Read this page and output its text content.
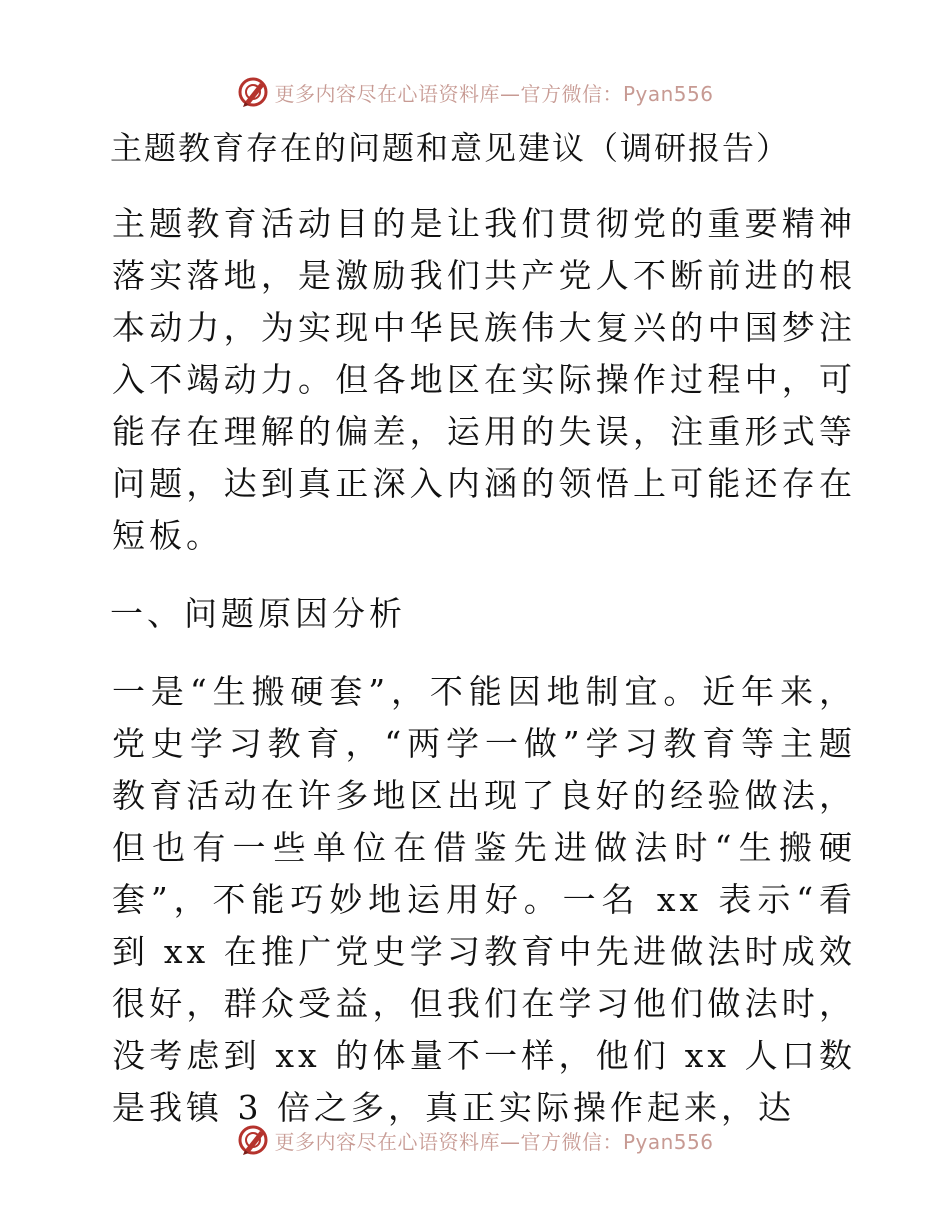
更多内容尽在心语资料库—官方微信：Pyan556
主题教育存在的问题和意见建议（调研报告）

主题教育活动目的是让我们贯彻党的重要精神落实落地，是激励我们共产党人不断前进的根本动力，为实现中华民族伟大复兴的中国梦注入不竭动力。但各地区在实际操作过程中，可能存在理解的偏差，运用的失误，注重形式等问题，达到真正深入内涵的领悟上可能还存在短板。

一、问题原因分析

一是“生搬硬套”，不能因地制宜。近年来，党史学习教育，“两学一做”学习教育等主题教育活动在许多地区出现了良好的经验做法，但也有一些单位在借鉴先进做法时“生搬硬套”，不能巧妙地运用好。一名 xx 表示“看到 xx 在推广党史学习教育中先进做法时成效很好，群众受益，但我们在学习他们做法时，没考虑到 xx 的体量不一样，他们 xx 人口数是我镇 3 倍之多，真正实际操作起来，达

更多内容尽在心语资料库—官方微信：Pyan556
